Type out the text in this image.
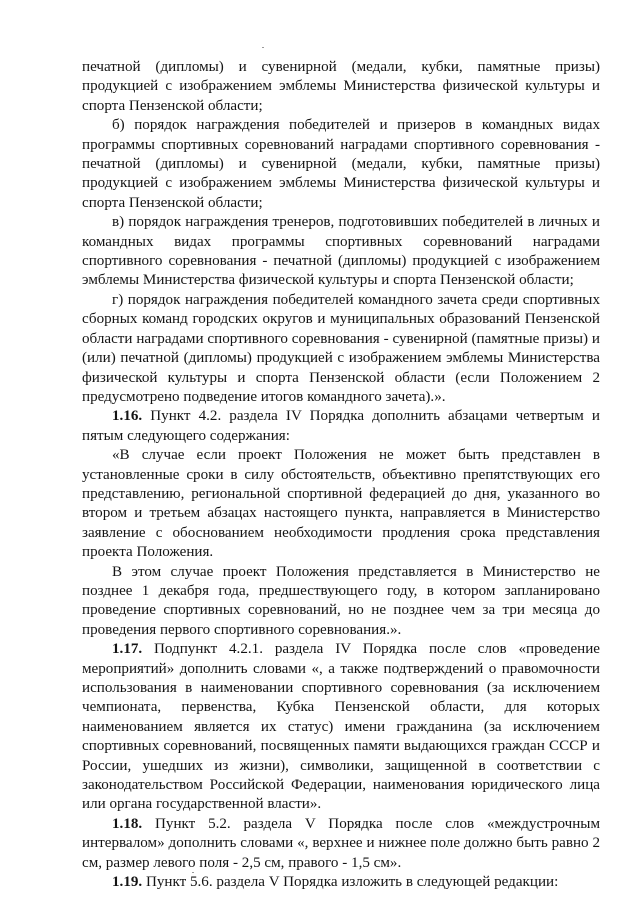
печатной (дипломы) и сувенирной (медали, кубки, памятные призы) продукцией с изображением эмблемы Министерства физической культуры и спорта Пензенской области;

б) порядок награждения победителей и призеров в командных видах программы спортивных соревнований наградами спортивного соревнования - печатной (дипломы) и сувенирной (медали, кубки, памятные призы) продукцией с изображением эмблемы Министерства физической культуры и спорта Пензенской области;

в) порядок награждения тренеров, подготовивших победителей в личных и командных видах программы спортивных соревнований наградами спортивного соревнования - печатной (дипломы) продукцией с изображением эмблемы Министерства физической культуры и спорта Пензенской области;

г) порядок награждения победителей командного зачета среди спортивных сборных команд городских округов и муниципальных образований Пензенской области наградами спортивного соревнования - сувенирной (памятные призы) и (или) печатной (дипломы) продукцией с изображением эмблемы Министерства физической культуры и спорта Пензенской области (если Положением 2 предусмотрено подведение итогов командного зачета).».

1.16. Пункт 4.2. раздела IV Порядка дополнить абзацами четвертым и пятым следующего содержания:

«В случае если проект Положения не может быть представлен в установленные сроки в силу обстоятельств, объективно препятствующих его представлению, региональной спортивной федерацией до дня, указанного во втором и третьем абзацах настоящего пункта, направляется в Министерство заявление с обоснованием необходимости продления срока представления проекта Положения.

В этом случае проект Положения представляется в Министерство не позднее 1 декабря года, предшествующего году, в котором запланировано проведение спортивных соревнований, но не позднее чем за три месяца до проведения первого спортивного соревнования.».

1.17. Подпункт 4.2.1. раздела IV Порядка после слов «проведение мероприятий» дополнить словами «, а также подтверждений о правомочности использования в наименовании спортивного соревнования (за исключением чемпионата, первенства, Кубка Пензенской области, для которых наименованием является их статус) имени гражданина (за исключением спортивных соревнований, посвященных памяти выдающихся граждан СССР и России, ушедших из жизни), символики, защищенной в соответствии с законодательством Российской Федерации, наименования юридического лица или органа государственной власти».

1.18. Пункт 5.2. раздела V Порядка после слов «междустрочным интервалом» дополнить словами «, верхнее и нижнее поле должно быть равно 2 см, размер левого поля - 2,5 см, правого - 1,5 см».

1.19. Пункт 5.6. раздела V Порядка изложить в следующей редакции:
